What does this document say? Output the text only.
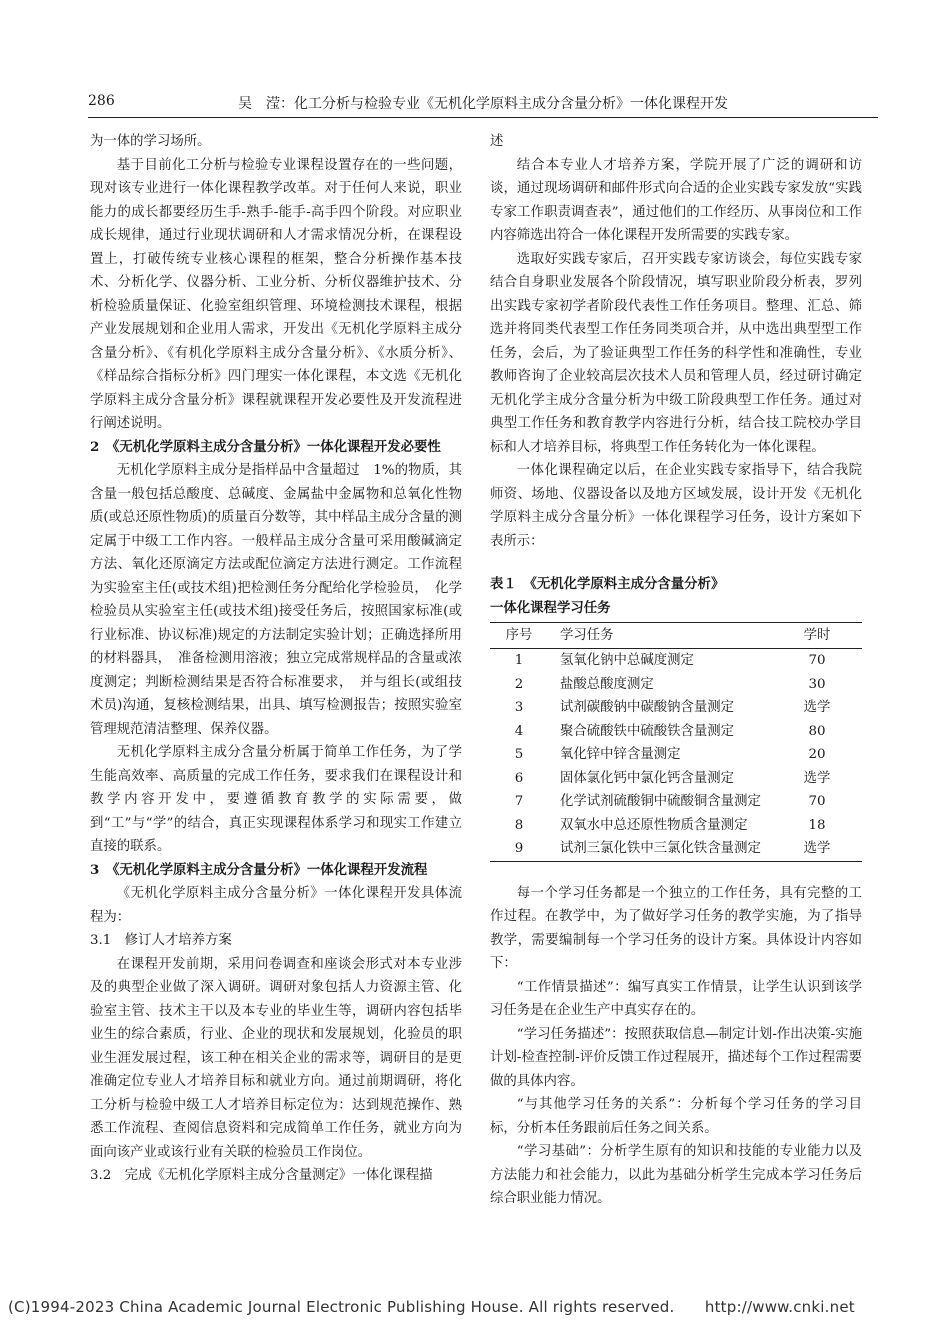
286	吴　滢：化工分析与检验专业《无机化学原料主成分含量分析》一体化课程开发

为一体的学习场所。

基于目前化工分析与检验专业课程设置存在的一些问题，现对该专业进行一体化课程教学改革。对于任何人来说，职业能力的成长都要经历生手-熟手-能手-高手四个阶段。对应职业成长规律，通过行业现状调研和人才需求情况分析，在课程设置上，打破传统专业核心课程的框架，整合分析操作基本技术、分析化学、仪器分析、工业分析、分析仪器维护技术、分析检验质量保证、化验室组织管理、环境检测技术课程，根据产业发展规划和企业用人需求，开发出《无机化学原料主成分含量分析》、《有机化学原料主成分含量分析》、《水质分析》、《样品综合指标分析》四门理实一体化课程，本文选《无机化学原料主成分含量分析》课程就课程开发必要性及开发流程进行阐述说明。

2　《无机化学原料主成分含量分析》一体化课程开发必要性

无机化学原料主成分是指样品中含量超过　1%的物质，其含量一般包括总酸度、总碱度、金属盐中金属物和总氧化性物质(或总还原性物质)的质量百分数等，其中样品主成分含量的测定属于中级工工作内容。一般样品主成分含量可采用酸碱滴定方法、氧化还原滴定方法或配位滴定方法进行测定。工作流程为实验室主任(或技术组)把检测任务分配给化学检验员，　化学检验员从实验室主任(或技术组)接受任务后，按照国家标准(或行业标准、协议标准)规定的方法制定实验计划；正确选择所用的材料器具，　准备检测用溶液；独立完成常规样品的含量或浓度测定；判断检测结果是否符合标准要求，　并与组长(或组技术员)沟通，复核检测结果，出具、填写检测报告；按照实验室管理规范清洁整理、保养仪器。

无机化学原料主成分含量分析属于简单工作任务，为了学生能高效率、高质量的完成工作任务，要求我们在课程设计和教学内容开发中，要遵循教育教学的实际需要，做到“工”与“学”的结合，真正实现课程体系学习和现实工作建立直接的联系。

3　《无机化学原料主成分含量分析》一体化课程开发流程

《无机化学原料主成分含量分析》一体化课程开发具体流程为：

3.1　修订人才培养方案

在课程开发前期，采用问卷调查和座谈会形式对本专业涉及的典型企业做了深入调研。调研对象包括人力资源主管、化验室主管、技术主干以及本专业的毕业生等，调研内容包括毕业生的综合素质，行业、企业的现状和发展规划，化验员的职业生涯发展过程，该工种在相关企业的需求等，调研目的是更准确定位专业人才培养目标和就业方向。通过前期调研，将化工分析与检验中级工人才培养目标定位为：达到规范操作、熟悉工作流程、查阅信息资料和完成简单工作任务，就业方向为面向该产业或该行业有关联的检验员工作岗位。

3.2　完成《无机化学原料主成分含量测定》一体化课程描

述

结合本专业人才培养方案，学院开展了广泛的调研和访谈，通过现场调研和邮件形式向合适的企业实践专家发放“实践专家工作职责调查表”，通过他们的工作经历、从事岗位和工作内容筛选出符合一体化课程开发所需要的实践专家。

选取好实践专家后，召开实践专家访谈会，每位实践专家结合自身职业发展各个阶段情况，填写职业阶段分析表，罗列出实践专家初学者阶段代表性工作任务项目。整理、汇总、筛选并将同类代表型工作任务同类项合并，从中选出典型型工作任务，会后，为了验证典型工作任务的科学性和准确性，专业教师咨询了企业较高层次技术人员和管理人员，经过研讨确定无机化学主成分含量分析为中级工阶段典型工作任务。通过对典型工作任务和教育教学内容进行分析，结合技工院校办学目标和人才培养目标，将典型工作任务转化为一体化课程。

一体化课程确定以后，在企业实践专家指导下，结合我院师资、场地、仪器设备以及地方区域发展，设计开发《无机化学原料主成分含量分析》一体化课程学习任务，设计方案如下表所示：

表１　《无机化学原料主成分含量分析》

一体化课程学习任务

序号	学习任务	学时
1	氢氧化钠中总碱度测定	70
2	盐酸总酸度测定	30
3	试剂碳酸钠中碳酸钠含量测定	选学
4	聚合硫酸铁中硫酸铁含量测定	80
5	氧化锌中锌含量测定	20
6	固体氯化钙中氯化钙含量测定	选学
7	化学试剂硫酸铜中硫酸铜含量测定	70
8	双氧水中总还原性物质含量测定	18
9	试剂三氯化铁中三氯化铁含量测定	选学

每一个学习任务都是一个独立的工作任务，具有完整的工作过程。在教学中，为了做好学习任务的教学实施，为了指导教学，需要编制每一个学习任务的设计方案。具体设计内容如下：

“工作情景描述”：编写真实工作情景，让学生认识到该学习任务是在企业生产中真实存在的。

“学习任务描述”：按照获取信息—制定计划-作出决策-实施计划-检查控制-评价反馈工作过程展开，描述每个工作过程需要做的具体内容。

“与其他学习任务的关系”：分析每个学习任务的学习目标，分析本任务跟前后任务之间关系。

“学习基础”：分析学生原有的知识和技能的专业能力以及方法能力和社会能力，以此为基础分析学生完成本学习任务后综合职业能力情况。

(C)1994-2023 China Academic Journal Electronic Publishing House. All rights reserved.　　http://www.cnki.net
